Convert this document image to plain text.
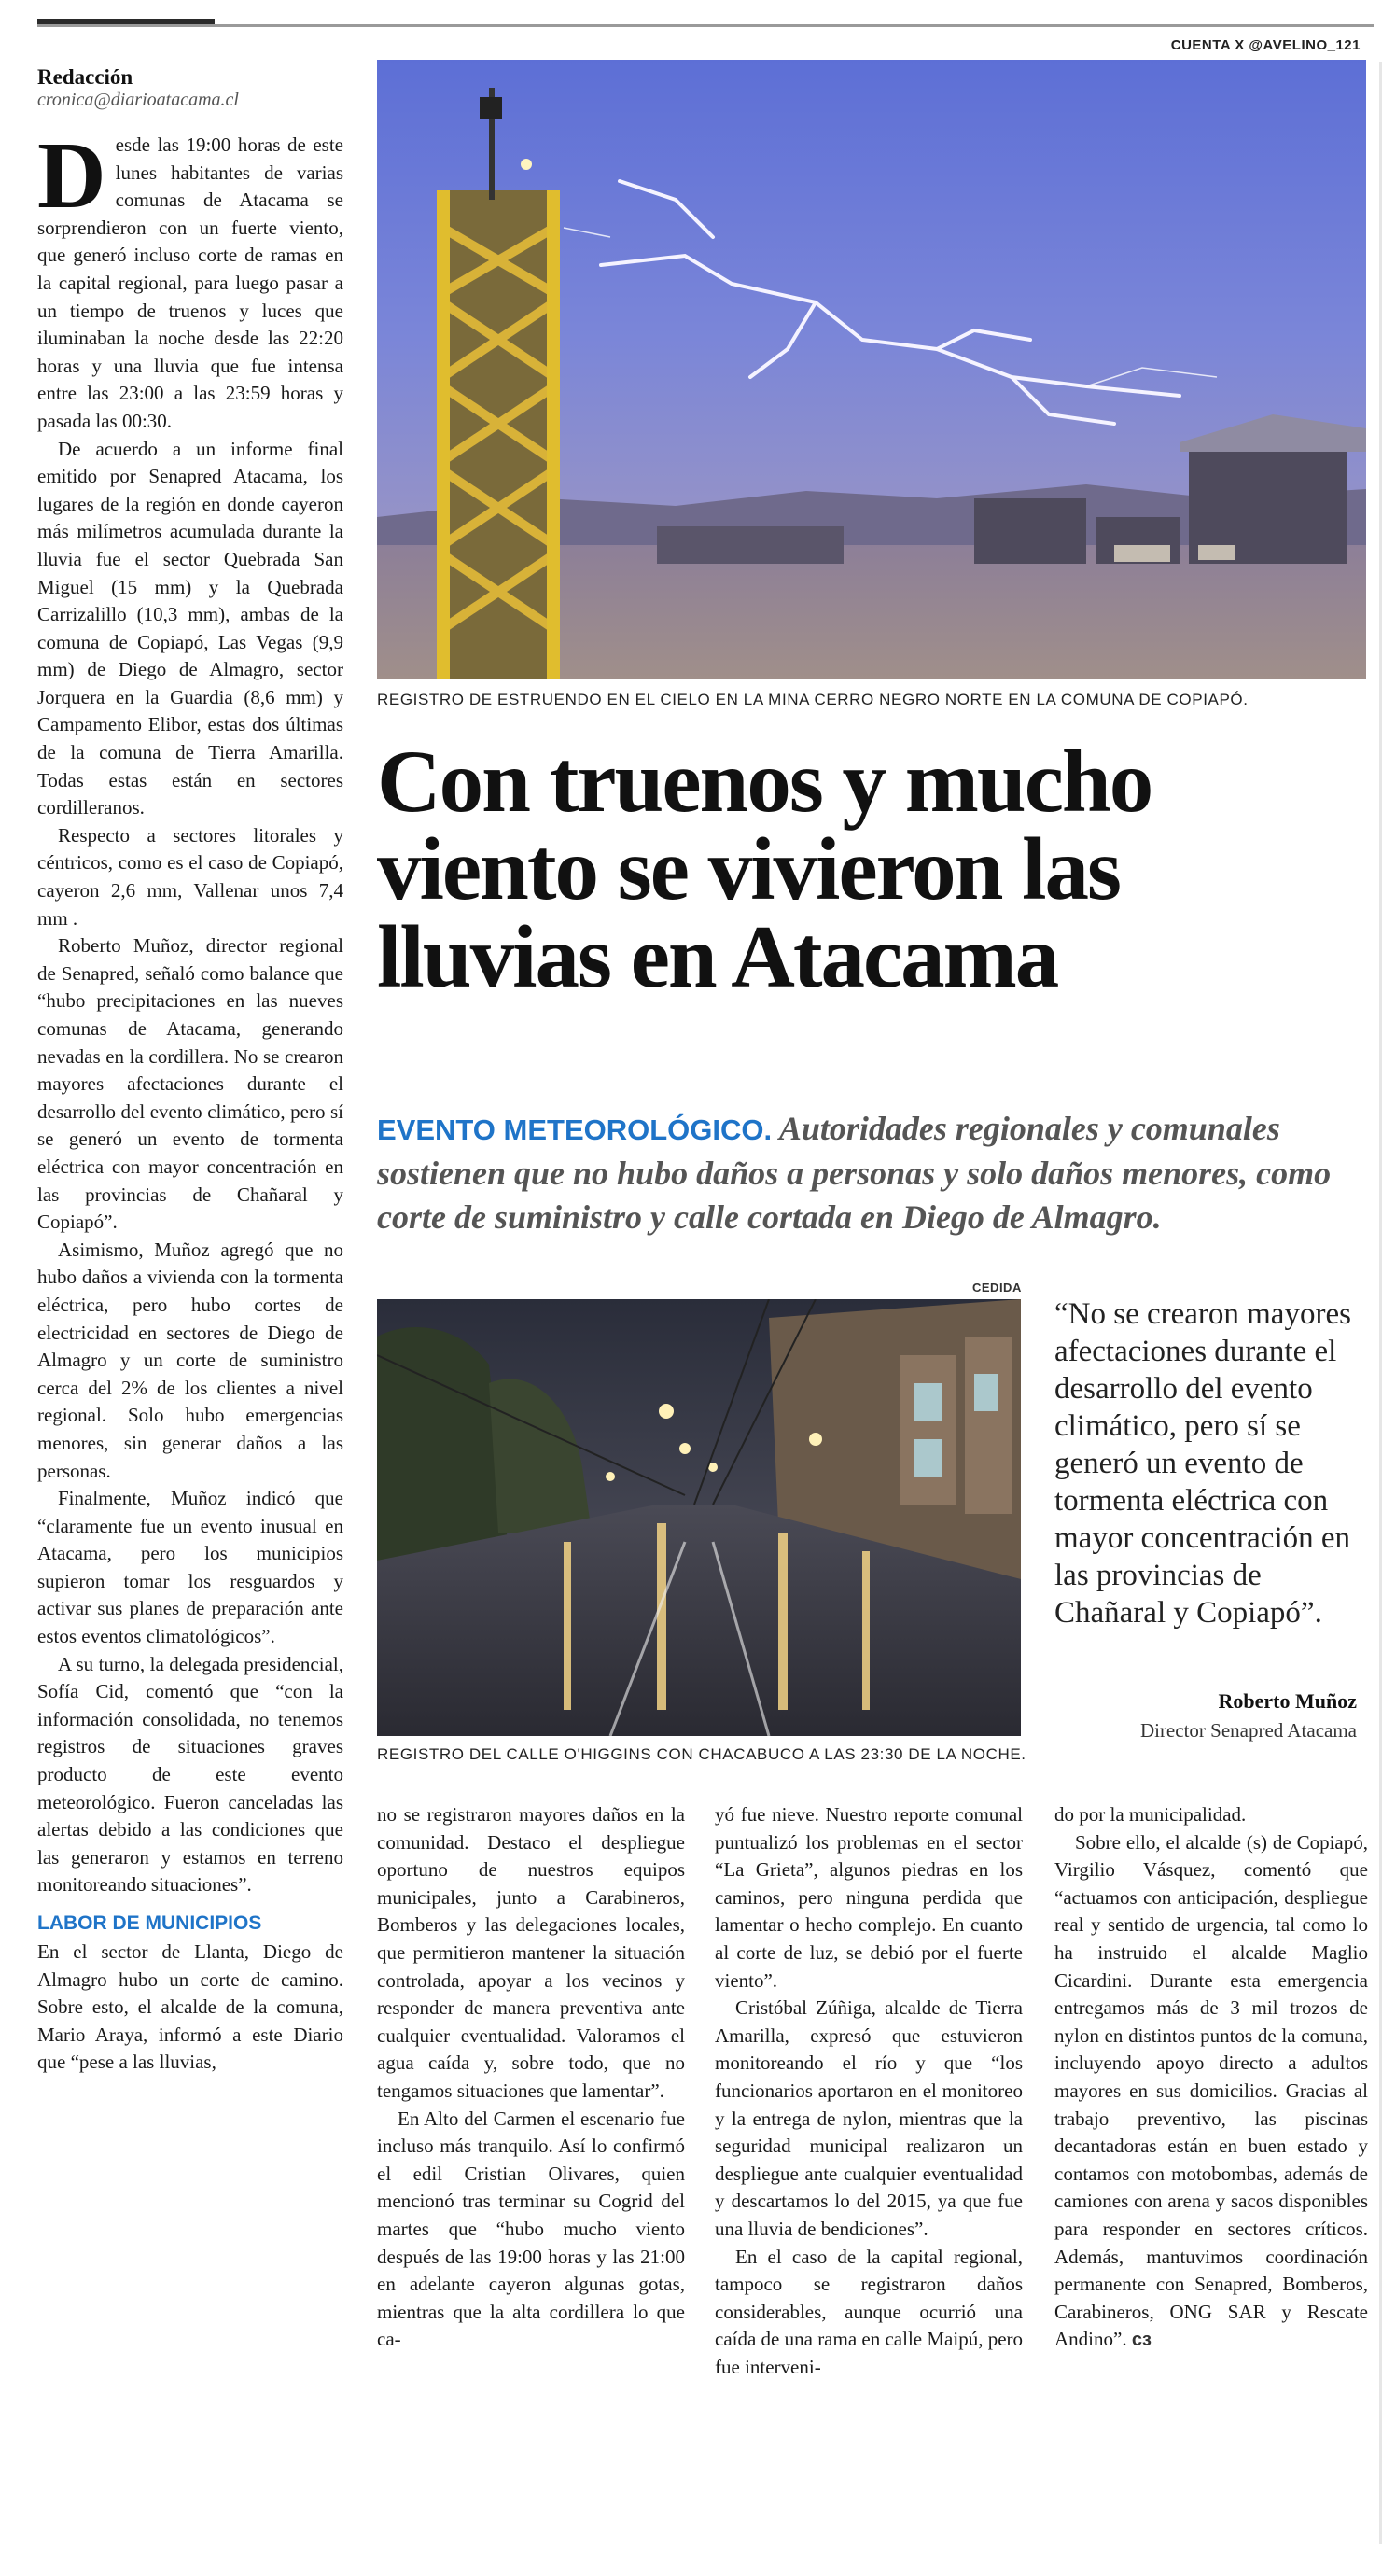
CUENTA X @AVELINO_121
Redacción
cronica@diarioatacama.cl

Desde las 19:00 horas de este lunes habitantes de varias comunas de Atacama se sorprendieron con un fuerte viento, que generó incluso corte de ramas en la capital regional, para luego pasar a un tiempo de truenos y luces que iluminaban la noche desde las 22:20 horas y una lluvia que fue intensa entre las 23:00 a las 23:59 horas y pasada las 00:30.

De acuerdo a un informe final emitido por Senapred Atacama, los lugares de la región en donde cayeron más milímetros acumulada durante la lluvia fue el sector Quebrada San Miguel (15 mm) y la Quebrada Carrizalillo (10,3 mm), ambas de la comuna de Copiapó, Las Vegas (9,9 mm) de Diego de Almagro, sector Jorquera en la Guardia (8,6 mm) y Campamento Elibor, estas dos últimas de la comuna de Tierra Amarilla. Todas estas están en sectores cordilleranos.

Respecto a sectores litorales y céntricos, como es el caso de Copiapó, cayeron 2,6 mm, Vallenar unos 7,4 mm .

Roberto Muñoz, director regional de Senapred, señaló como balance que “hubo precipitaciones en las nueves comunas de Atacama, generando nevadas en la cordillera. No se crearon mayores afectaciones durante el desarrollo del evento climático, pero sí se generó un evento de tormenta eléctrica con mayor concentración en las provincias de Chañaral y Copiapó”.

Asimismo, Muñoz agregó que no hubo daños a vivienda con la tormenta eléctrica, pero hubo cortes de electricidad en sectores de Diego de Almagro y un corte de suministro cerca del 2% de los clientes a nivel regional. Solo hubo emergencias menores, sin generar daños a las personas.

Finalmente, Muñoz indicó que “claramente fue un evento inusual en Atacama, pero los municipios supieron tomar los resguardos y activar sus planes de preparación ante estos eventos climatológicos”.

A su turno, la delegada presidencial, Sofía Cid, comentó que “con la información consolidada, no tenemos registros de situaciones graves producto de este evento meteorológico. Fueron canceladas las alertas debido a las condiciones que las generaron y estamos en terreno monitoreando situaciones”.

LABOR DE MUNICIPIOS

En el sector de Llanta, Diego de Almagro hubo un corte de camino. Sobre esto, el alcalde de la comuna, Mario Araya, informó a este Diario que “pese a las lluvias,

REGISTRO DE ESTRUENDO EN EL CIELO EN LA MINA CERRO NEGRO NORTE EN LA COMUNA DE COPIAPÓ.
Con truenos y mucho viento se vivieron las lluvias en Atacama
EVENTO METEOROLÓGICO. Autoridades regionales y comunales sostienen que no hubo daños a personas y solo daños menores, como corte de suministro y calle cortada en Diego de Almagro.
CEDIDA
REGISTRO DEL CALLE O'HIGGINS CON CHACABUCO A LAS 23:30 DE LA NOCHE.
“No se crearon mayores afectaciones durante el desarrollo del evento climático, pero sí se generó un evento de tormenta eléctrica con mayor concentración en las provincias de Chañaral y Copiapó”.
Roberto Muñoz
Director Senapred Atacama

no se registraron mayores daños en la comunidad. Destaco el despliegue oportuno de nuestros equipos municipales, junto a Carabineros, Bomberos y las delegaciones locales, que permitieron mantener la situación controlada, apoyar a los vecinos y responder de manera preventiva ante cualquier eventualidad. Valoramos el agua caída y, sobre todo, que no tengamos situaciones que lamentar”.

En Alto del Carmen el escenario fue incluso más tranquilo. Así lo confirmó el edil Cristian Olivares, quien mencionó tras terminar su Cogrid del martes que “hubo mucho viento después de las 19:00 horas y las 21:00 en adelante cayeron algunas gotas, mientras que la alta cordillera lo que ca-

yó fue nieve. Nuestro reporte comunal puntualizó los problemas en el sector “La Grieta”, algunos piedras en los caminos, pero ninguna perdida que lamentar o hecho complejo. En cuanto al corte de luz, se debió por el fuerte viento”.

Cristóbal Zúñiga, alcalde de Tierra Amarilla, expresó que estuvieron monitoreando el río y que “los funcionarios aportaron en el monitoreo y la entrega de nylon, mientras que la seguridad municipal realizaron un despliegue ante cualquier eventualidad y descartamos lo del 2015, ya que fue una lluvia de bendiciones”.

En el caso de la capital regional, tampoco se registraron daños considerables, aunque ocurrió una caída de una rama en calle Maipú, pero fue interveni-

do por la municipalidad.

Sobre ello, el alcalde (s) de Copiapó, Virgilio Vásquez, comentó que “actuamos con anticipación, despliegue real y sentido de urgencia, tal como lo ha instruido el alcalde Maglio Cicardini. Durante esta emergencia entregamos más de 3 mil trozos de nylon en distintos puntos de la comuna, incluyendo apoyo directo a adultos mayores en sus domicilios. Gracias al trabajo preventivo, las piscinas decantadoras están en buen estado y contamos con motobombas, además de camiones con arena y sacos disponibles para responder en sectores críticos. Además, mantuvimos coordinación permanente con Senapred, Bomberos, Carabineros, ONG SAR y Rescate Andino”. cз
